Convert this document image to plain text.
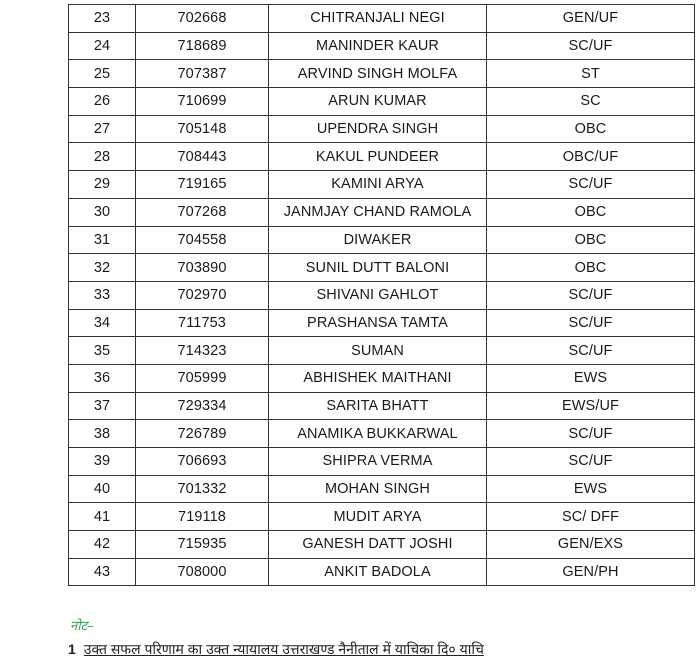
23	702668	CHITRANJALI NEGI	GEN/UF
24	718689	MANINDER KAUR	SC/UF
25	707387	ARVIND SINGH MOLFA	ST
26	710699	ARUN KUMAR	SC
27	705148	UPENDRA SINGH	OBC
28	708443	KAKUL PUNDEER	OBC/UF
29	719165	KAMINI ARYA	SC/UF
30	707268	JANMJAY CHAND RAMOLA	OBC
31	704558	DIWAKER	OBC
32	703890	SUNIL DUTT BALONI	OBC
33	702970	SHIVANI GAHLOT	SC/UF
34	711753	PRASHANSA TAMTA	SC/UF
35	714323	SUMAN	SC/UF
36	705999	ABHISHEK MAITHANI	EWS
37	729334	SARITA BHATT	EWS/UF
38	726789	ANAMIKA BUKKARWAL	SC/UF
39	706693	SHIPRA VERMA	SC/UF
40	701332	MOHAN SINGH	EWS
41	719118	MUDIT ARYA	SC/ DFF
42	715935	GANESH DATT JOSHI	GEN/EXS
43	708000	ANKIT BADOLA	GEN/PH
नोट–
1 उक्त सफल परिणाम का उक्त न्यायालय उत्तराखण्ड नैनीताल में याचिका दि० याचि
